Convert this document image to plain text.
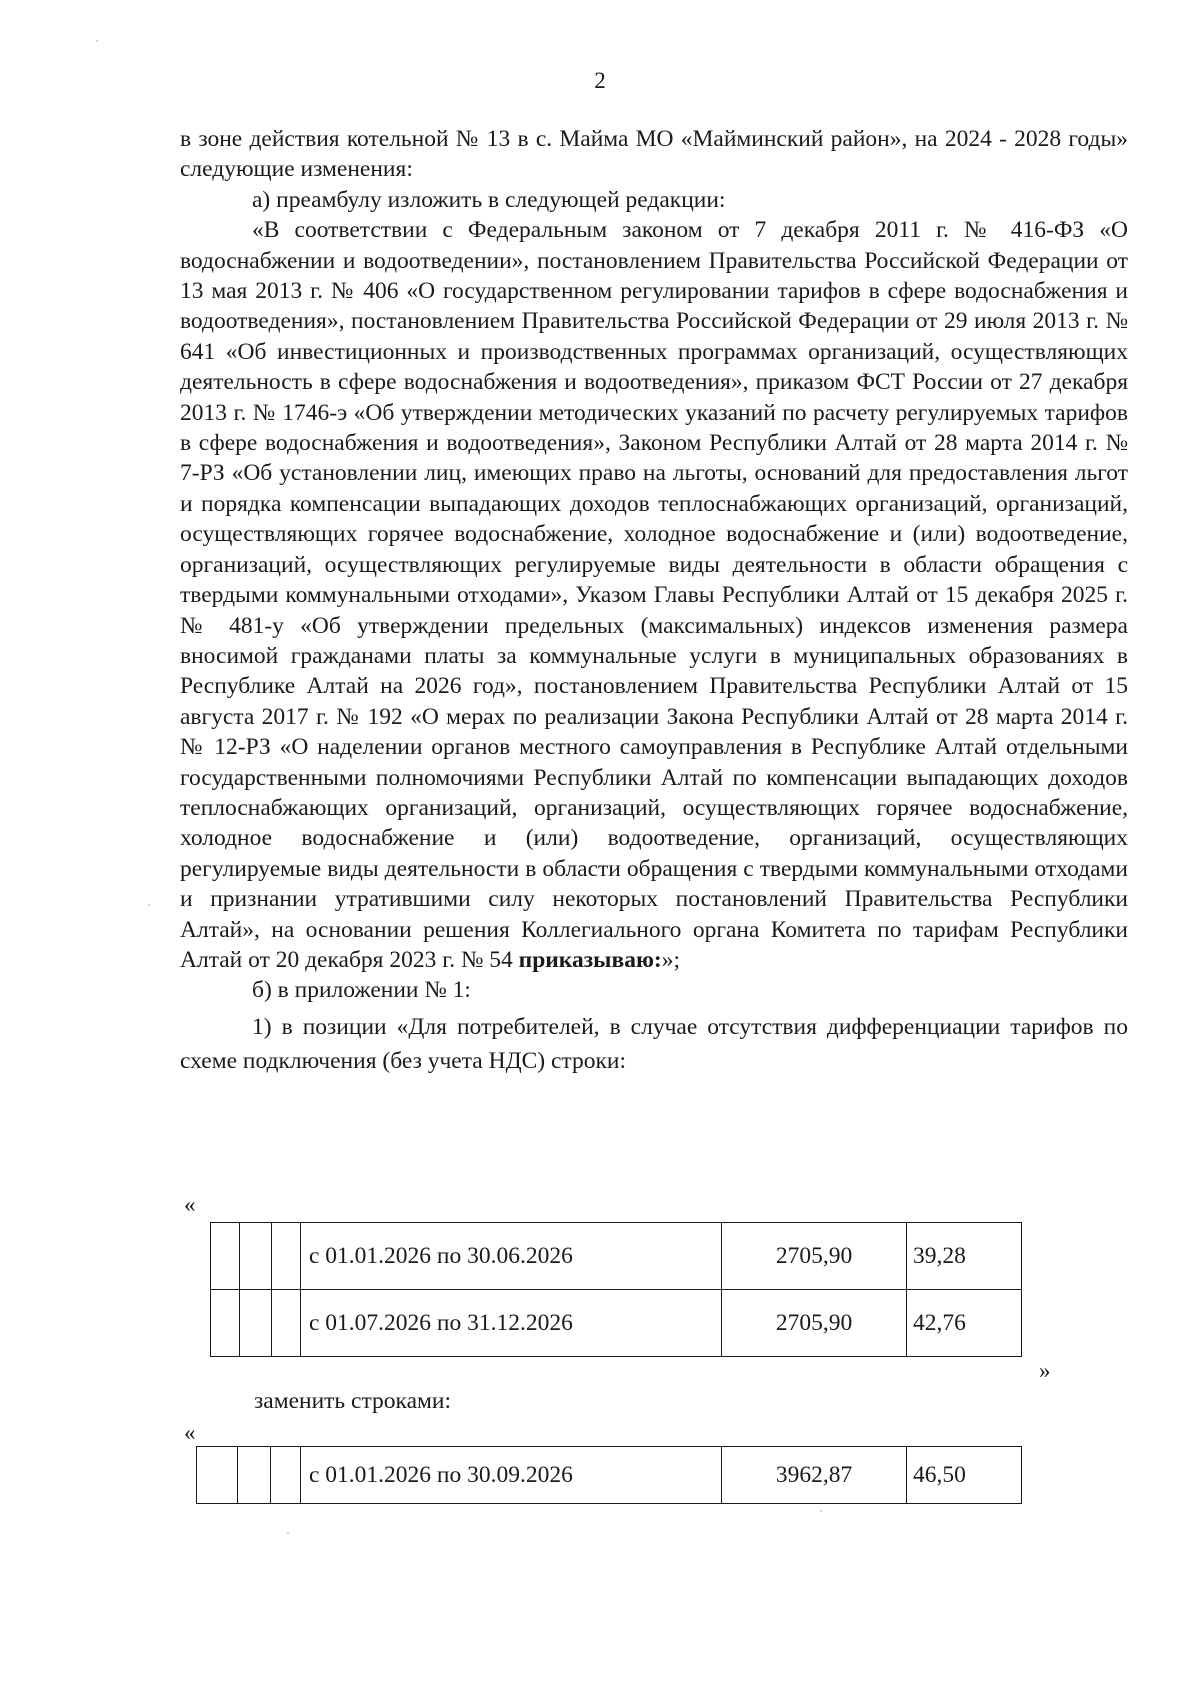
2

в зоне действия котельной № 13 в с. Майма МО «Майминский район», на 2024 - 2028 годы» следующие изменения:

а) преамбулу изложить в следующей редакции:

«В соответствии с Федеральным законом от 7 декабря 2011 г. № 416-ФЗ «О водоснабжении и водоотведении», постановлением Правительства Российской Федерации от 13 мая 2013 г. № 406 «О государственном регулировании тарифов в сфере водоснабжения и водоотведения», постановлением Правительства Российской Федерации от 29 июля 2013 г. № 641 «Об инвестиционных и производственных программах организаций, осуществляющих деятельность в сфере водоснабжения и водоотведения», приказом ФСТ России от 27 декабря 2013 г. № 1746-э «Об утверждении методических указаний по расчету регулируемых тарифов в сфере водоснабжения и водоотведения», Законом Республики Алтай от 28 марта 2014 г. № 7-РЗ «Об установлении лиц, имеющих право на льготы, оснований для предоставления льгот и порядка компенсации выпадающих доходов теплоснабжающих организаций, организаций, осуществляющих горячее водоснабжение, холодное водоснабжение и (или) водоотведение, организаций, осуществляющих регулируемые виды деятельности в области обращения с твердыми коммунальными отходами», Указом Главы Республики Алтай от 15 декабря 2025 г. № 481-у «Об утверждении предельных (максимальных) индексов изменения размера вносимой гражданами платы за коммунальные услуги в муниципальных образованиях в Республике Алтай на 2026 год», постановлением Правительства Республики Алтай от 15 августа 2017 г. № 192 «О мерах по реализации Закона Республики Алтай от 28 марта 2014 г. № 12-РЗ «О наделении органов местного самоуправления в Республике Алтай отдельными государственными полномочиями Республики Алтай по компенсации выпадающих доходов теплоснабжающих организаций, организаций, осуществляющих горячее водоснабжение, холодное водоснабжение и (или) водоотведение, организаций, осуществляющих регулируемые виды деятельности в области обращения с твердыми коммунальными отходами и признании утратившими силу некоторых постановлений Правительства Республики Алтай», на основании решения Коллегиального органа Комитета по тарифам Республики Алтай от 20 декабря 2023 г. № 54 приказываю:»;

б) в приложении № 1:

1) в позиции «Для потребителей, в случае отсутствия дифференциации тарифов по схеме подключения (без учета НДС) строки:

«
			с 01.01.2026 по 30.06.2026	2705,90	39,28
			с 01.07.2026 по 31.12.2026	2705,90	42,76
»
заменить строками:
«
			с 01.01.2026 по 30.09.2026	3962,87	46,50
